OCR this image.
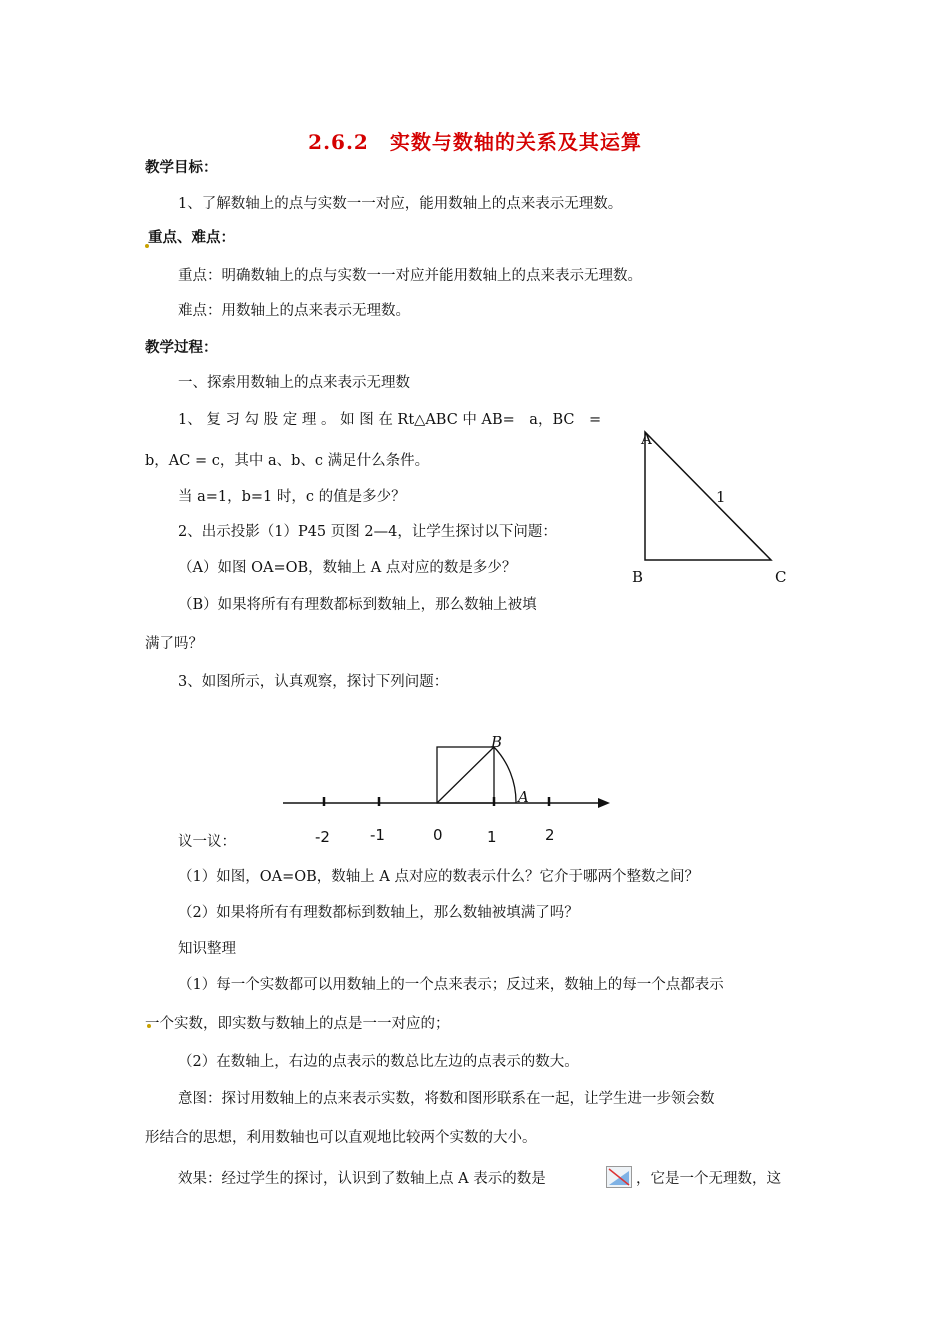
2.6.2　实数与数轴的关系及其运算
教学目标：
1、了解数轴上的点与实数一一对应，能用数轴上的点来表示无理数。
重点、难点：
重点：明确数轴上的点与实数一一对应并能用数轴上的点来表示无理数。
难点：用数轴上的点来表示无理数。
教学过程：
一、探索用数轴上的点来表示无理数
1、 复 习 勾 股 定 理 。 如 图 在 Rt△ABC 中 AB=　a，BC　=
b，AC = c，其中 a、b、c 满足什么条件。
当 a=1，b=1 时，c 的值是多少？
2、出示投影（1）P45 页图 2—4，让学生探讨以下问题：
（A）如图 OA=OB，数轴上 A 点对应的数是多少？
（B）如果将所有有理数都标到数轴上，那么数轴上被填
满了吗？
3、如图所示，认真观察，探讨下列问题：
A
1
B	C
B
A
议一议：	-2	-1	0	1	2
（1）如图，OA=OB，数轴上 A 点对应的数表示什么？它介于哪两个整数之间？
（2）如果将所有有理数都标到数轴上，那么数轴被填满了吗？
知识整理
（1）每一个实数都可以用数轴上的一个点来表示；反过来，数轴上的每一个点都表示
一个实数，即实数与数轴上的点是一一对应的；
（2）在数轴上，右边的点表示的数总比左边的点表示的数大。
意图：探讨用数轴上的点来表示实数，将数和图形联系在一起，让学生进一步领会数
形结合的思想，利用数轴也可以直观地比较两个实数的大小。
效果：经过学生的探讨，认识到了数轴上点 A 表示的数是	，它是一个无理数，这
